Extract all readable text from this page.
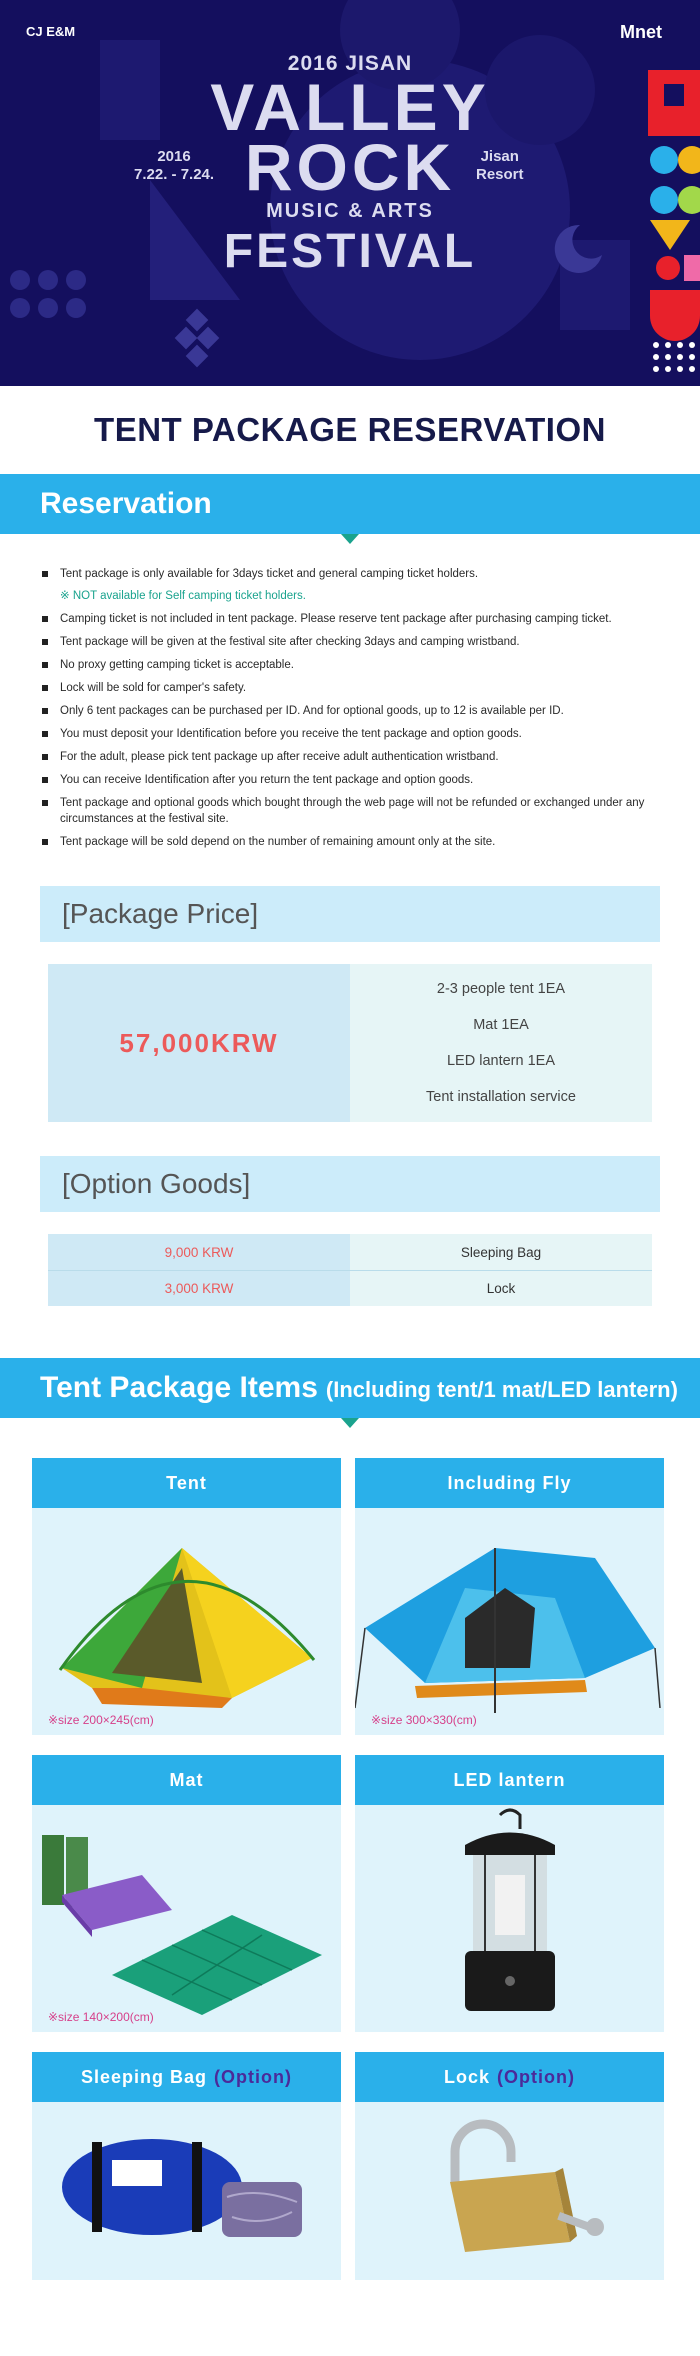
CJ E&M	Mnet
2016 JISAN
VALLEY
ROCK
MUSIC & ARTS
FESTIVAL
2016
7.22. - 7.24.
Jisan
Resort
TENT PACKAGE RESERVATION
Reservation
Tent package is only available for 3days ticket and general camping ticket holders.
※ NOT available for Self camping ticket holders.
Camping ticket is not included in tent package. Please reserve tent package after purchasing camping ticket.
Tent package will be given at the festival site after checking 3days and camping wristband.
No proxy getting camping ticket is acceptable.
Lock will be sold for camper's safety.
Only 6 tent packages can be purchased per ID. And for optional goods, up to 12 is available per ID.
You must deposit your Identification before you receive the tent package and option goods.
For the adult, please pick tent package up after receive adult authentication wristband.
You can receive Identification after you return the tent package and option goods.
Tent package and optional goods which bought through the web page will not be refunded or exchanged under any circumstances at the festival site.
Tent package will be sold depend on the number of remaining amount only at the site.
[Package Price]
57,000KRW
2-3 people tent 1EA
Mat 1EA
LED lantern 1EA
Tent installation service
[Option Goods]
9,000 KRW	Sleeping Bag
3,000 KRW	Lock
Tent Package Items (Including tent/1 mat/LED lantern)
Tent
※size 200×245(cm)
Including Fly
※size 300×330(cm)
Mat
※size 140×200(cm)
LED lantern
Sleeping Bag (Option)	Lock (Option)
